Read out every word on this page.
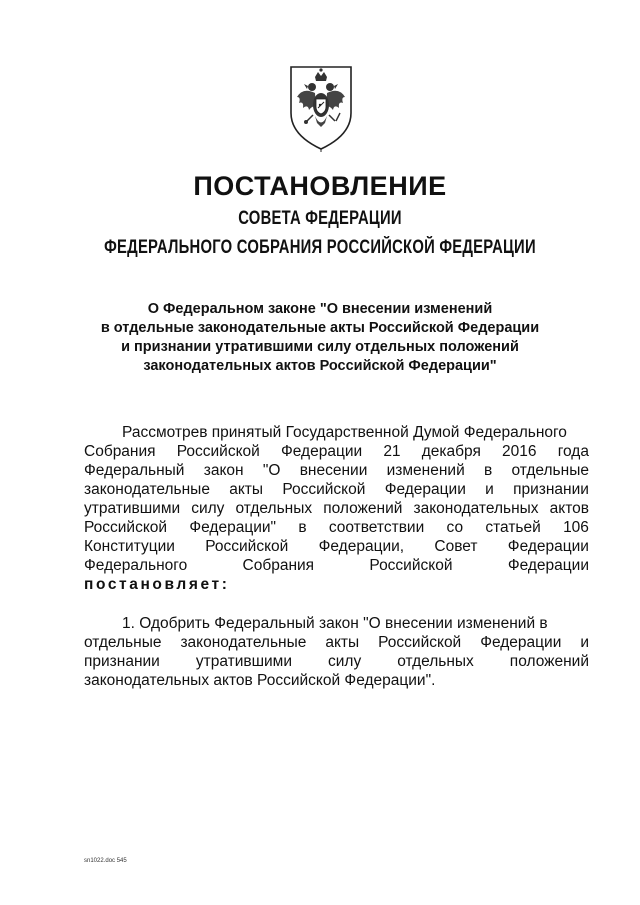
ПОСТАНОВЛЕНИЕ
СОВЕТА ФЕДЕРАЦИИ
ФЕДЕРАЛЬНОГО СОБРАНИЯ РОССИЙСКОЙ ФЕДЕРАЦИИ
О Федеральном законе "О внесении изменений
в отдельные законодательные акты Российской Федерации
и признании утратившими силу отдельных положений
законодательных актов Российской Федерации"
Рассмотрев принятый Государственной Думой Федерального
Собрания Российской Федерации 21 декабря 2016 года
Федеральный закон "О внесении изменений в отдельные
законодательные акты Российской Федерации и признании
утратившими силу отдельных положений законодательных актов
Российской Федерации" в соответствии со статьей 106
Конституции Российской Федерации, Совет Федерации
Федерального	Собрания	Российской	Федерации
постановляет:
1. Одобрить Федеральный закон "О внесении изменений в
отдельные законодательные акты Российской Федерации и
признании утратившими силу отдельных положений
законодательных актов Российской Федерации".
sn1022.doc 545
